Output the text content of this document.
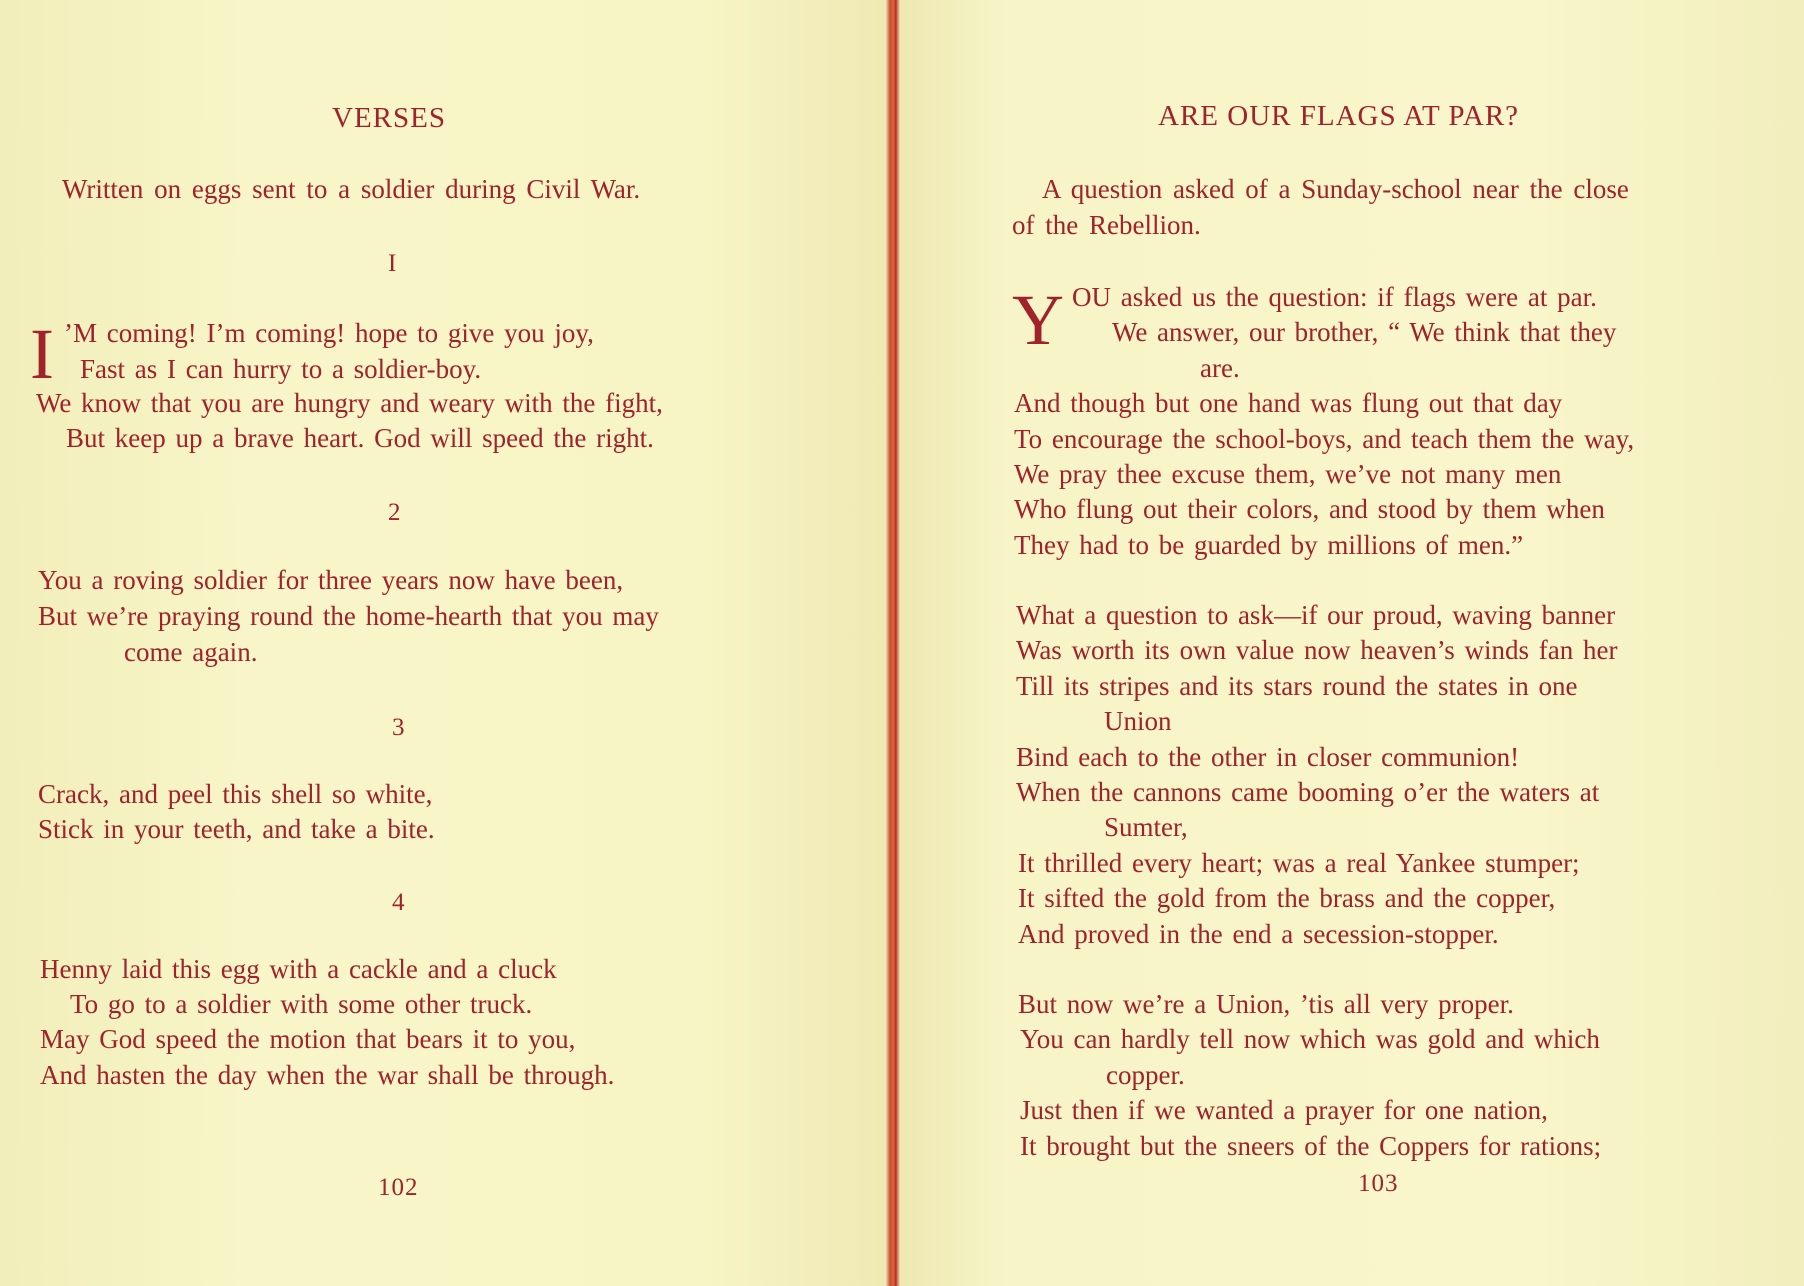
VERSES
Written on eggs sent to a soldier during Civil War.
I
I ’M coming! I’m coming! hope to give you joy,
Fast as I can hurry to a soldier-boy.
We know that you are hungry and weary with the fight,
But keep up a brave heart. God will speed the right.
2
You a roving soldier for three years now have been,
But we’re praying round the home-hearth that you may
come again.
3
Crack, and peel this shell so white,
Stick in your teeth, and take a bite.
4
Henny laid this egg with a cackle and a cluck
To go to a soldier with some other truck.
May God speed the motion that bears it to you,
And hasten the day when the war shall be through.
102
ARE OUR FLAGS AT PAR?
A question asked of a Sunday-school near the close
of the Rebellion.
Y OU asked us the question: if flags were at par.
We answer, our brother, “ We think that they
are.
And though but one hand was flung out that day
To encourage the school-boys, and teach them the way,
We pray thee excuse them, we’ve not many men
Who flung out their colors, and stood by them when
They had to be guarded by millions of men.”
What a question to ask—if our proud, waving banner
Was worth its own value now heaven’s winds fan her
Till its stripes and its stars round the states in one
Union
Bind each to the other in closer communion!
When the cannons came booming o’er the waters at
Sumter,
It thrilled every heart; was a real Yankee stumper;
It sifted the gold from the brass and the copper,
And proved in the end a secession-stopper.
But now we’re a Union, ’tis all very proper.
You can hardly tell now which was gold and which
copper.
Just then if we wanted a prayer for one nation,
It brought but the sneers of the Coppers for rations;
103
